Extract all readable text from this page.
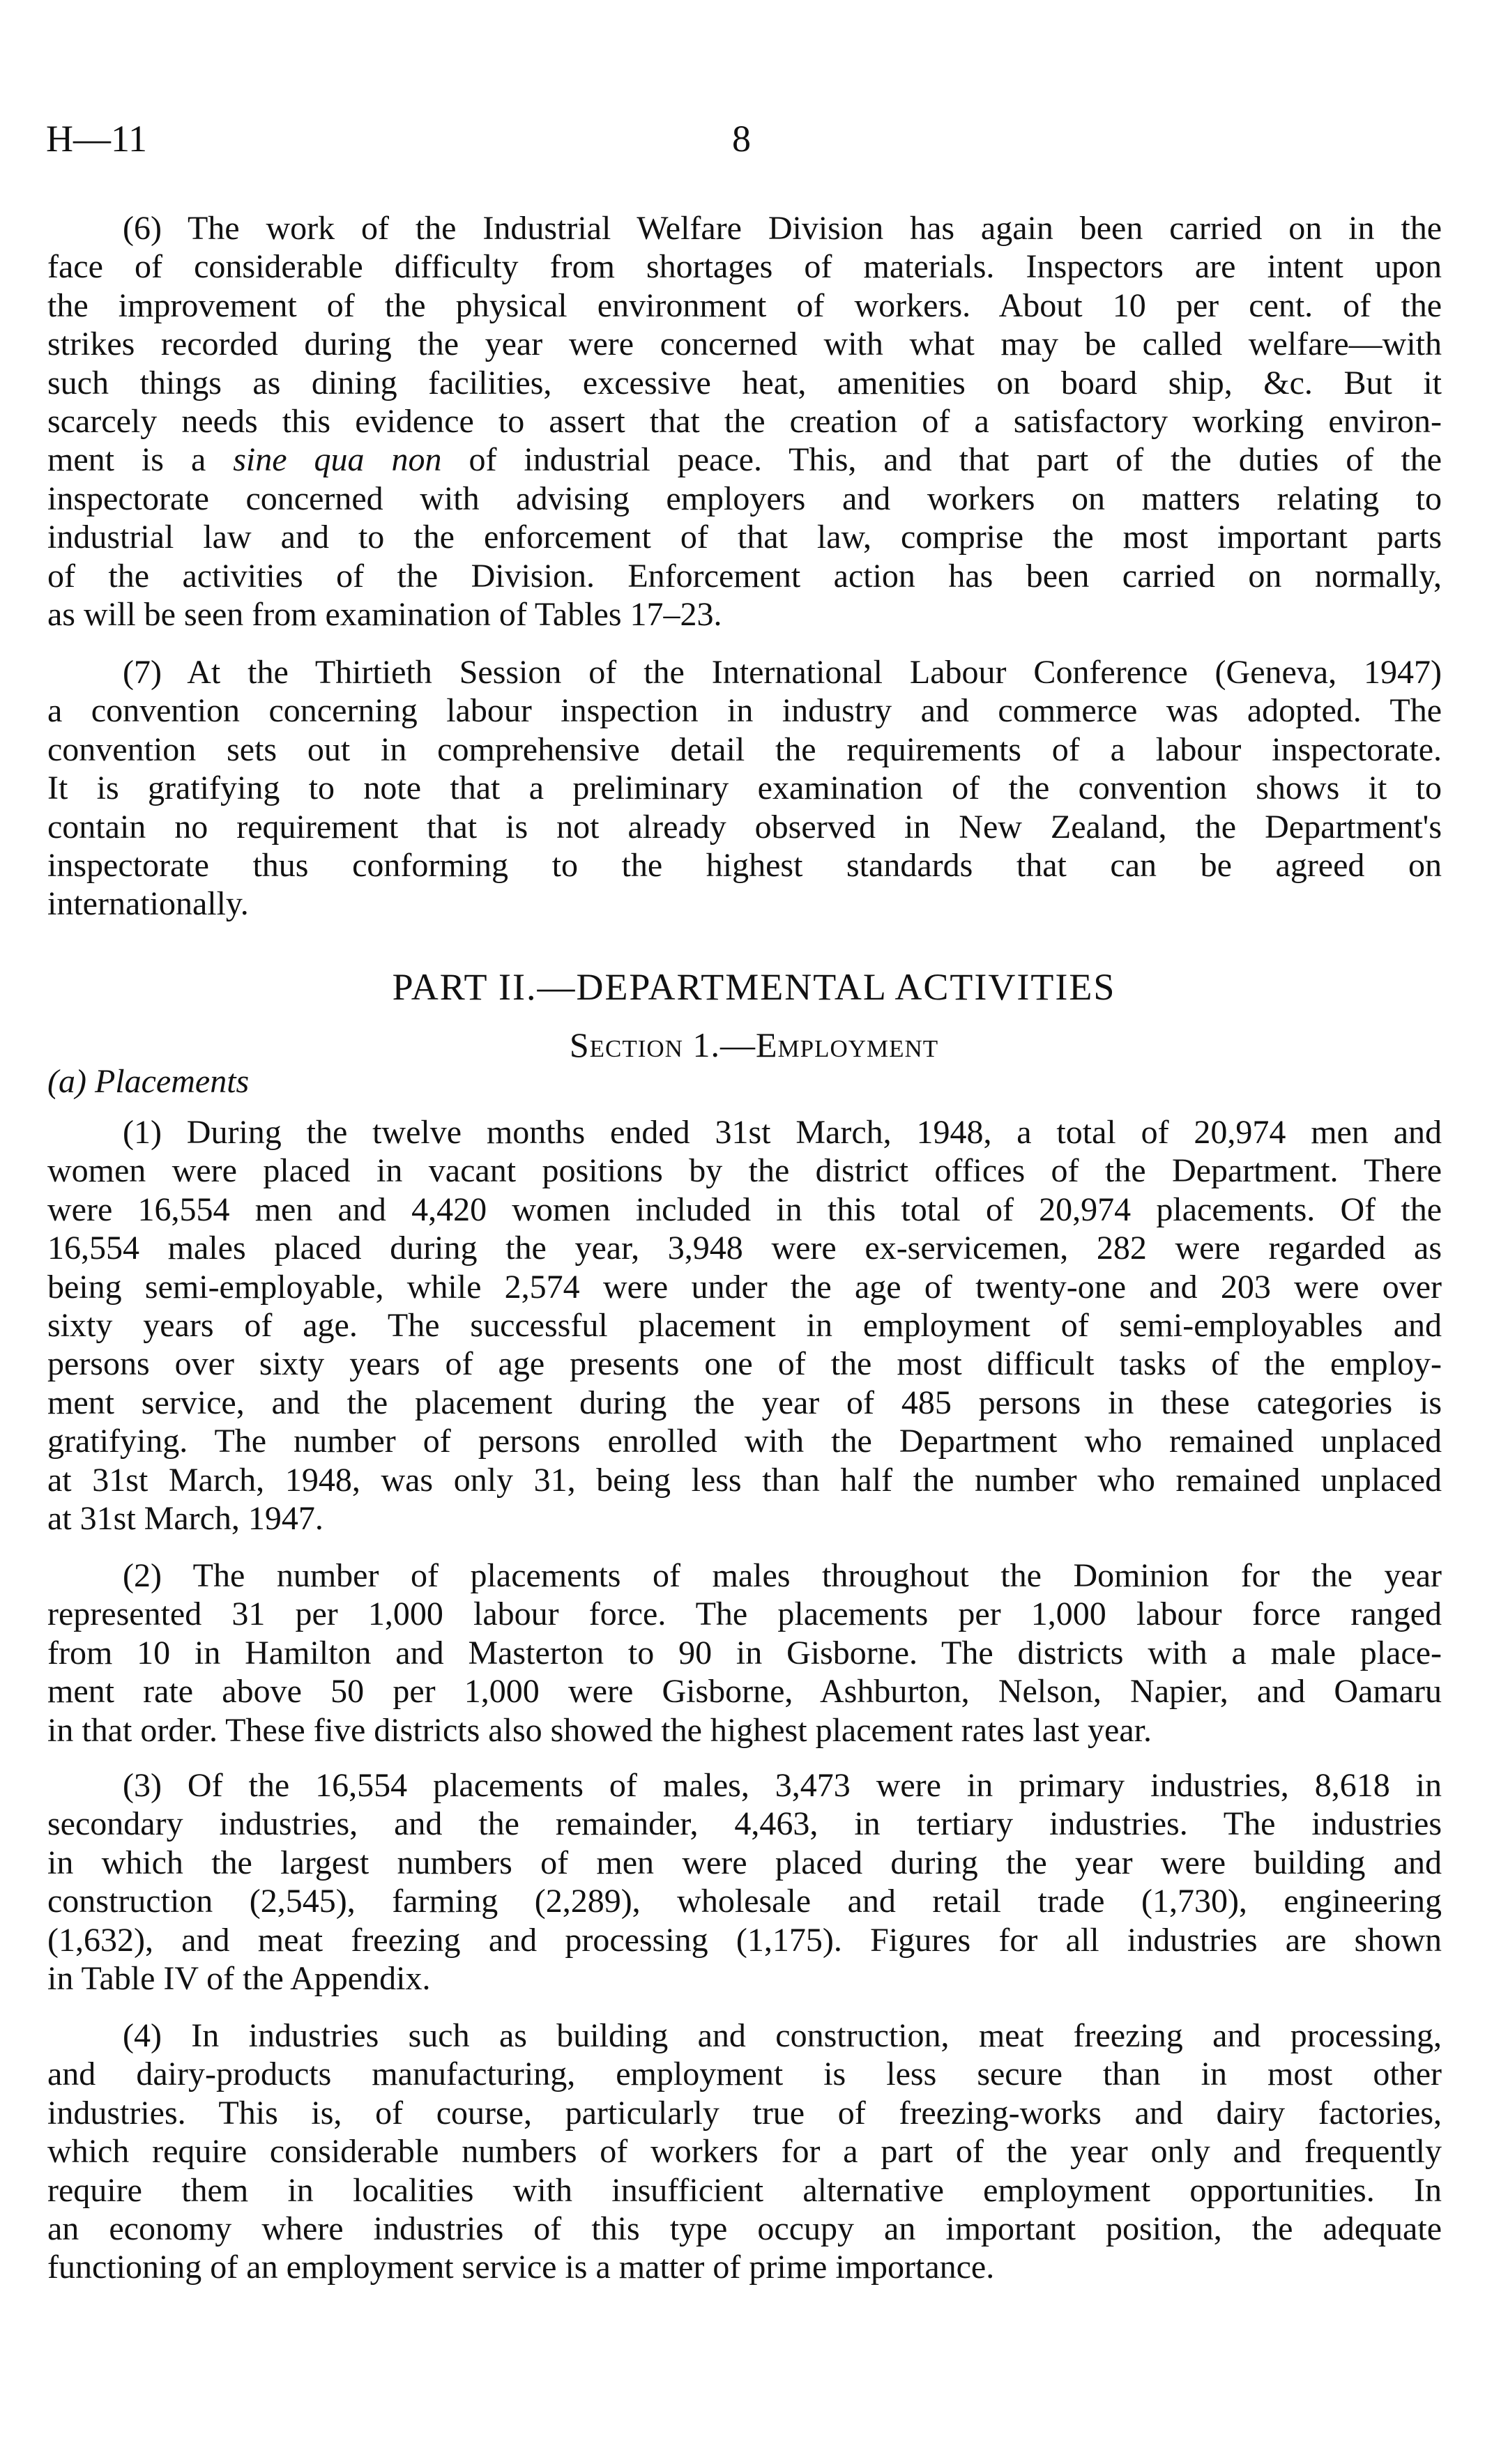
H—11	8
(6) The work of the Industrial Welfare Division has again been carried on in the
face of considerable difficulty from shortages of materials. Inspectors are intent upon
the improvement of the physical environment of workers. About 10 per cent. of the
strikes recorded during the year were concerned with what may be called welfare—with
such things as dining facilities, excessive heat, amenities on board ship, &c. But it
scarcely needs this evidence to assert that the creation of a satisfactory working environ-
ment is a sine qua non of industrial peace. This, and that part of the duties of the
inspectorate concerned with advising employers and workers on matters relating to
industrial law and to the enforcement of that law, comprise the most important parts
of the activities of the Division. Enforcement action has been carried on normally,
as will be seen from examination of Tables 17–23.
(7) At the Thirtieth Session of the International Labour Conference (Geneva, 1947)
a convention concerning labour inspection in industry and commerce was adopted. The
convention sets out in comprehensive detail the requirements of a labour inspectorate.
It is gratifying to note that a preliminary examination of the convention shows it to
contain no requirement that is not already observed in New Zealand, the Department's
inspectorate thus conforming to the highest standards that can be agreed on
internationally.
PART II.—DEPARTMENTAL ACTIVITIES
Section 1.—Employment
(a) Placements
(1) During the twelve months ended 31st March, 1948, a total of 20,974 men and
women were placed in vacant positions by the district offices of the Department. There
were 16,554 men and 4,420 women included in this total of 20,974 placements. Of the
16,554 males placed during the year, 3,948 were ex-servicemen, 282 were regarded as
being semi-employable, while 2,574 were under the age of twenty-one and 203 were over
sixty years of age. The successful placement in employment of semi-employables and
persons over sixty years of age presents one of the most difficult tasks of the employ-
ment service, and the placement during the year of 485 persons in these categories is
gratifying. The number of persons enrolled with the Department who remained unplaced
at 31st March, 1948, was only 31, being less than half the number who remained unplaced
at 31st March, 1947.
(2) The number of placements of males throughout the Dominion for the year
represented 31 per 1,000 labour force. The placements per 1,000 labour force ranged
from 10 in Hamilton and Masterton to 90 in Gisborne. The districts with a male place-
ment rate above 50 per 1,000 were Gisborne, Ashburton, Nelson, Napier, and Oamaru
in that order. These five districts also showed the highest placement rates last year.
(3) Of the 16,554 placements of males, 3,473 were in primary industries, 8,618 in
secondary industries, and the remainder, 4,463, in tertiary industries. The industries
in which the largest numbers of men were placed during the year were building and
construction (2,545), farming (2,289), wholesale and retail trade (1,730), engineering
(1,632), and meat freezing and processing (1,175). Figures for all industries are shown
in Table IV of the Appendix.
(4) In industries such as building and construction, meat freezing and processing,
and dairy-products manufacturing, employment is less secure than in most other
industries. This is, of course, particularly true of freezing-works and dairy factories,
which require considerable numbers of workers for a part of the year only and frequently
require them in localities with insufficient alternative employment opportunities. In
an economy where industries of this type occupy an important position, the adequate
functioning of an employment service is a matter of prime importance.
